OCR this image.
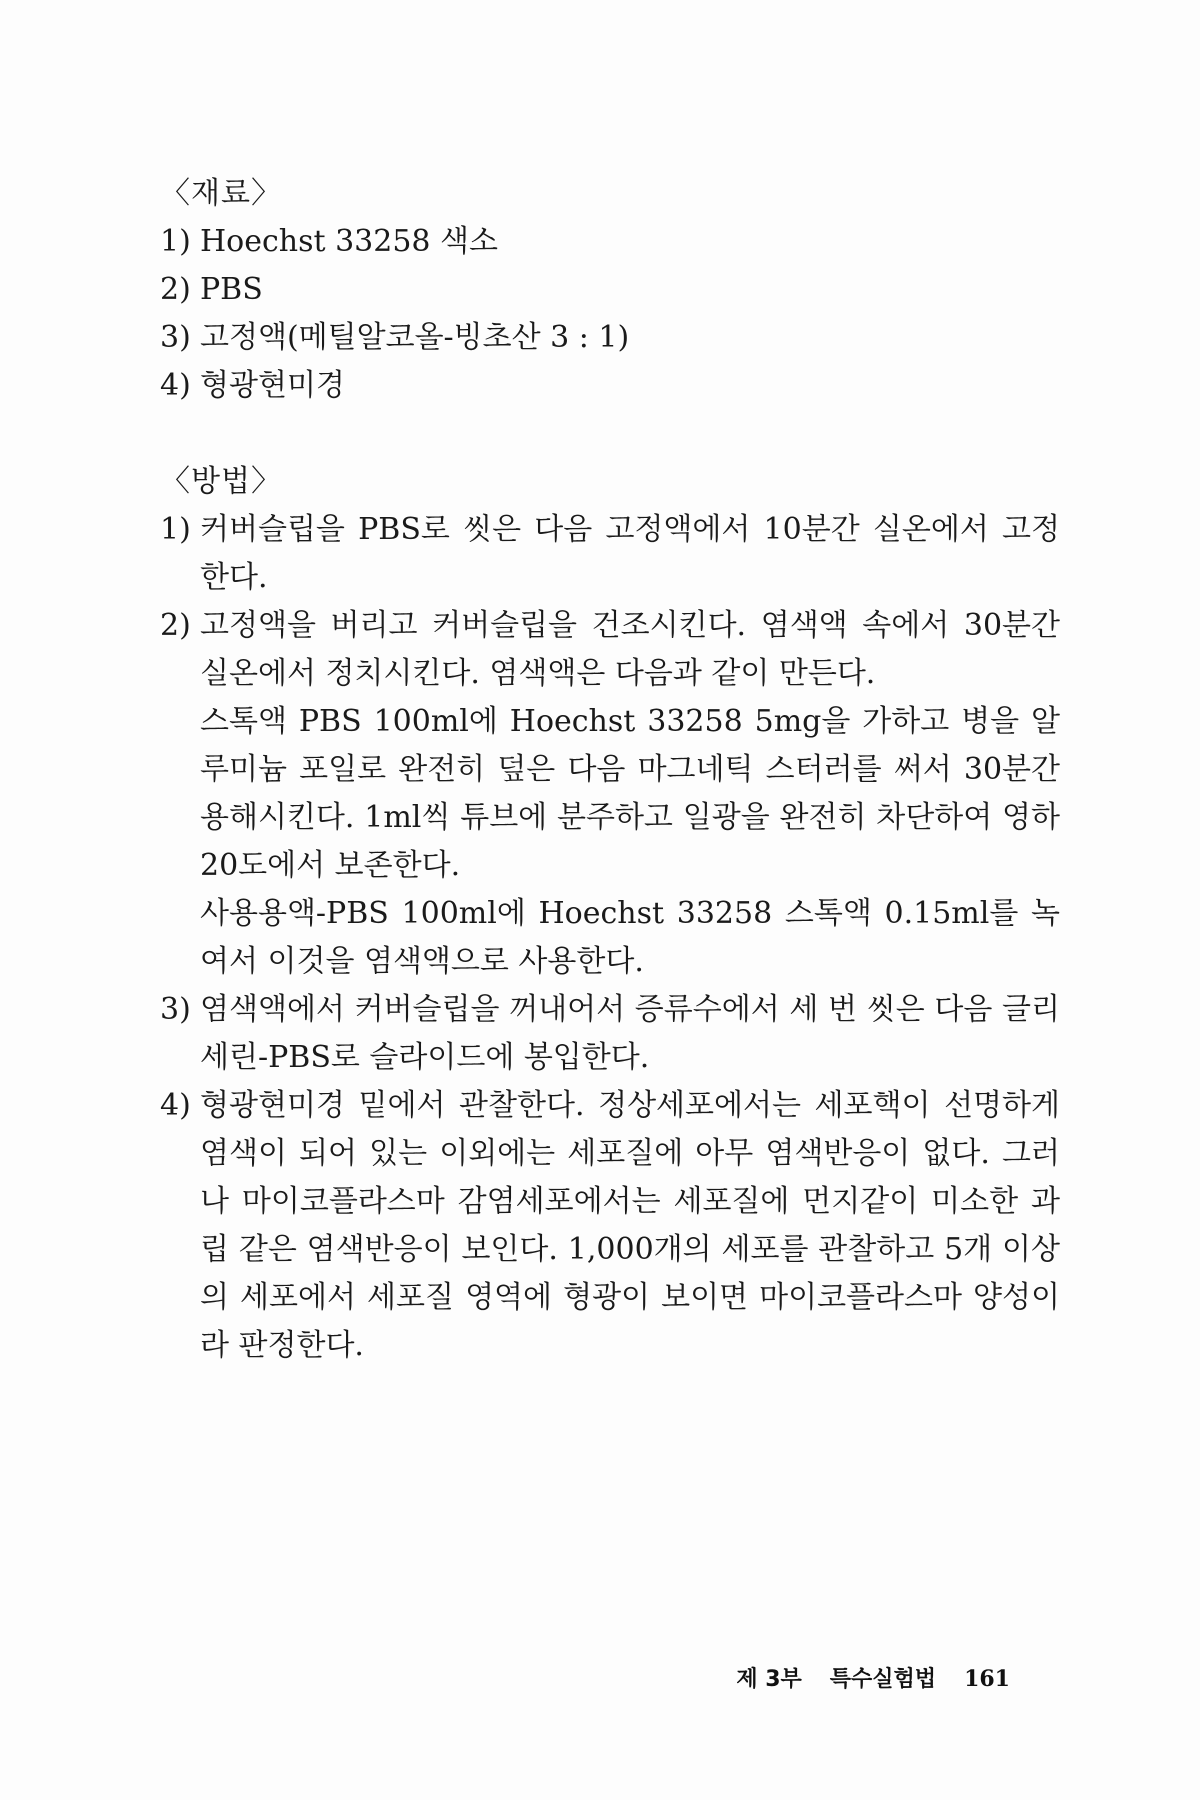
〈재료〉
1) Hoechst 33258 색소
2) PBS
3) 고정액(메틸알코올-빙초산 3 : 1)
4) 형광현미경
〈방법〉
1) 커버슬립을 PBS로 씻은 다음 고정액에서 10분간 실온에서 고정한다.
2) 고정액을 버리고 커버슬립을 건조시킨다. 염색액 속에서 30분간 실온에서 정치시킨다. 염색액은 다음과 같이 만든다.
스톡액 PBS 100ml에 Hoechst 33258 5mg을 가하고 병을 알루미늄 포일로 완전히 덮은 다음 마그네틱 스터러를 써서 30분간 용해시킨다. 1ml씩 튜브에 분주하고 일광을 완전히 차단하여 영하 20도에서 보존한다.
사용용액-PBS 100ml에 Hoechst 33258 스톡액 0.15ml를 녹여서 이것을 염색액으로 사용한다.
3) 염색액에서 커버슬립을 꺼내어서 증류수에서 세 번 씻은 다음 글리세린-PBS로 슬라이드에 봉입한다.
4) 형광현미경 밑에서 관찰한다. 정상세포에서는 세포핵이 선명하게 염색이 되어 있는 이외에는 세포질에 아무 염색반응이 없다. 그러나 마이코플라스마 감염세포에서는 세포질에 먼지같이 미소한 과립 같은 염색반응이 보인다. 1,000개의 세포를 관찰하고 5개 이상의 세포에서 세포질 영역에 형광이 보이면 마이코플라스마 양성이라 판정한다.
제 3부 특수실험법 161
